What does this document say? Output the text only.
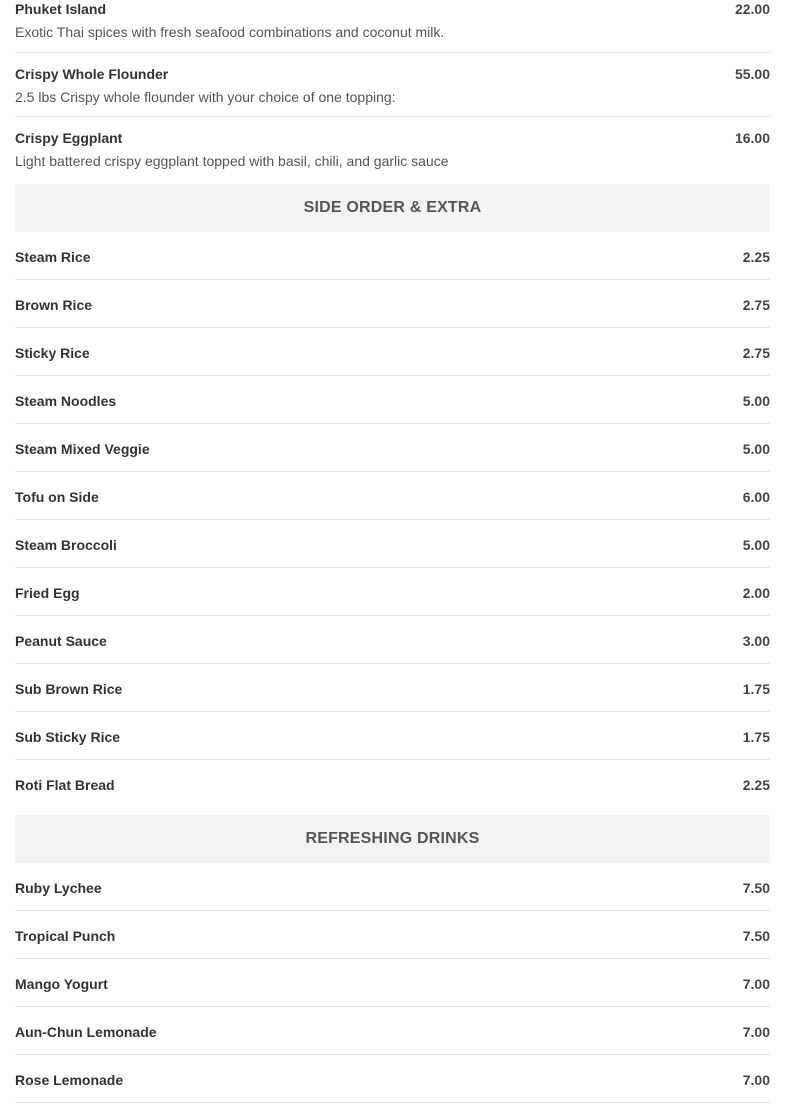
Phuket Island	22.00
Exotic Thai spices with fresh seafood combinations and coconut milk.
Crispy Whole Flounder	55.00
2.5 lbs Crispy whole flounder with your choice of one topping:
Crispy Eggplant	16.00
Light battered crispy eggplant topped with basil, chili, and garlic sauce
SIDE ORDER & EXTRA
Steam Rice	2.25
Brown Rice	2.75
Sticky Rice	2.75
Steam Noodles	5.00
Steam Mixed Veggie	5.00
Tofu on Side	6.00
Steam Broccoli	5.00
Fried Egg	2.00
Peanut Sauce	3.00
Sub Brown Rice	1.75
Sub Sticky Rice	1.75
Roti Flat Bread	2.25
REFRESHING DRINKS
Ruby Lychee	7.50
Tropical Punch	7.50
Mango Yogurt	7.00
Aun-Chun Lemonade	7.00
Rose Lemonade	7.00
